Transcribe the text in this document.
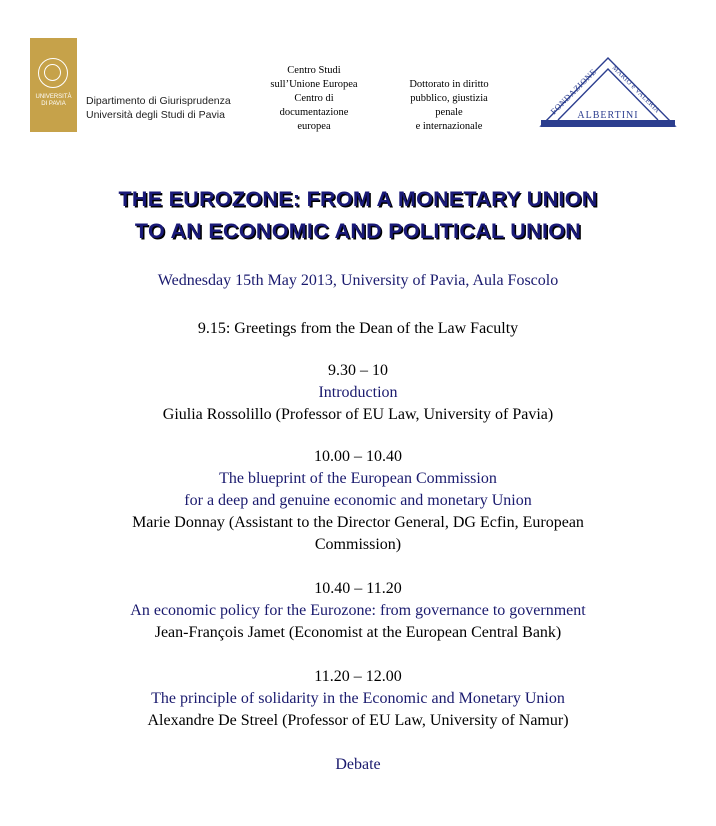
UNIVERSITÀ
DI PAVIA	Dipartimento di Giurisprudenza
Università degli Studi di Pavia
Centro Studi
sull’Unione Europea
Centro di
documentazione
europea
Dottorato in diritto
pubblico, giustizia penale
e internazionale
FONDAZIONE MARIO e VALERIA
ALBERTINI
THE EUROZONE: FROM A MONETARY UNION
TO AN ECONOMIC AND POLITICAL UNION
Wednesday 15th May 2013, University of Pavia, Aula Foscolo
9.15: Greetings from the Dean of the Law Faculty
9.30 – 10
Introduction
Giulia Rossolillo (Professor of EU Law, University of Pavia)
10.00 – 10.40
The blueprint of the European Commission
for a deep and genuine economic and monetary Union
Marie Donnay (Assistant to the Director General, DG Ecfin, European
Commission)
10.40 – 11.20
An economic policy for the Eurozone: from governance to government
Jean-François Jamet (Economist at the European Central Bank)
11.20 – 12.00
The principle of solidarity in the Economic and Monetary Union
Alexandre De Streel (Professor of EU Law, University of Namur)
Debate
